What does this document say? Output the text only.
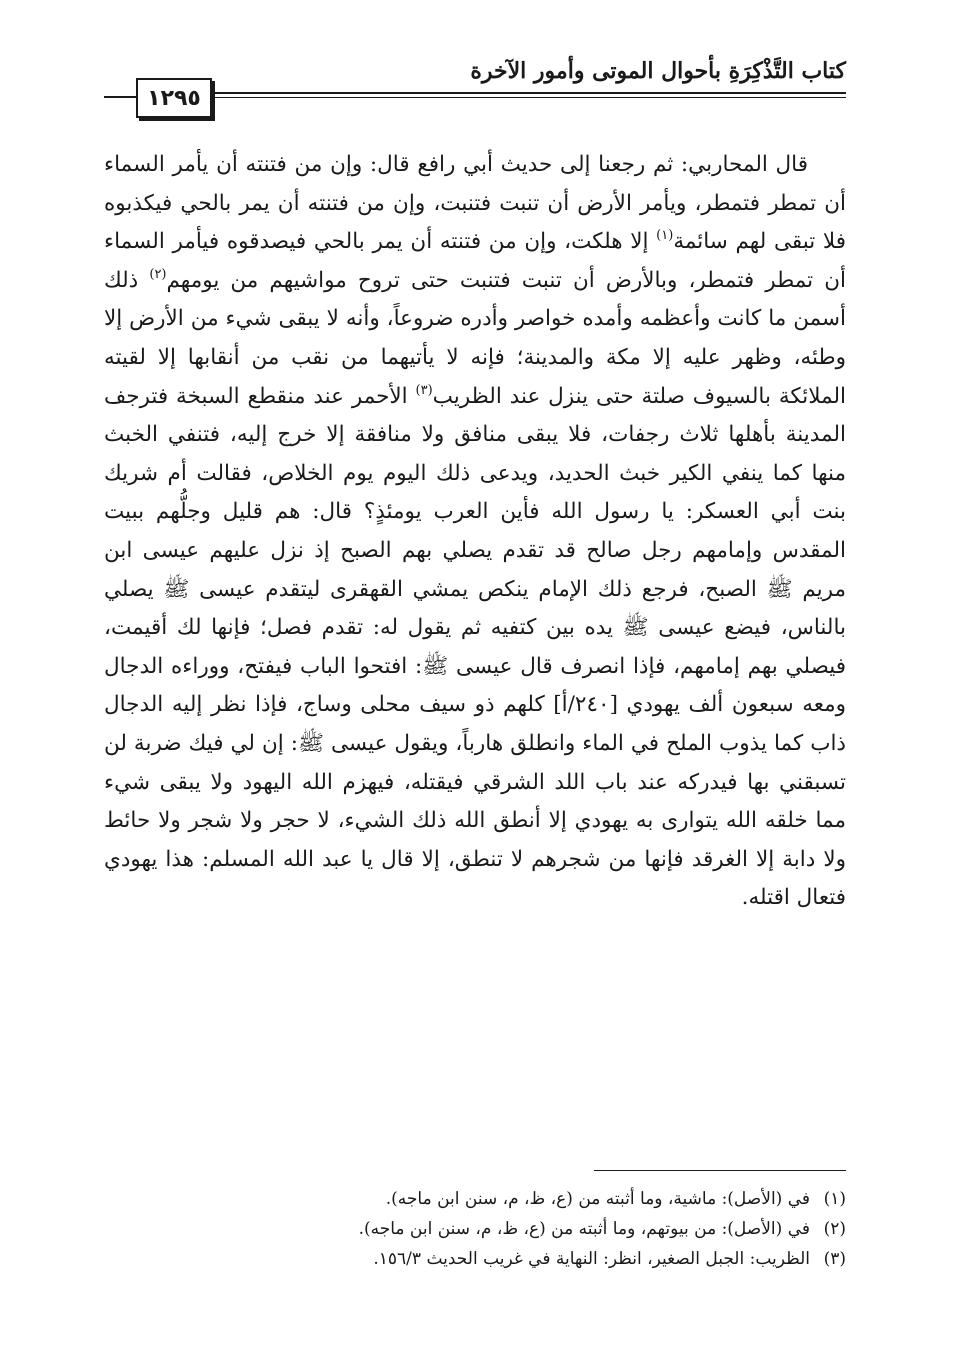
كتاب التَّذْكِرَةِ بأحوال الموتى وأمور الآخرة
١٢٩٥

قال المحاربي: ثم رجعنا إلى حديث أبي رافع قال: وإن من فتنته أن يأمر السماء أن تمطر فتمطر، ويأمر الأرض أن تنبت فتنبت، وإن من فتنته أن يمر بالحي فيكذبوه فلا تبقى لهم سائمة$^{(١)}$ إلا هلكت، وإن من فتنته أن يمر بالحي فيصدقوه فيأمر السماء أن تمطر فتمطر، وبالأرض أن تنبت فتنبت حتى تروح مواشيهم من يومهم$^{(٢)}$ ذلك أسمن ما كانت وأعظمه وأمده خواصر وأدره ضروعاً، وأنه لا يبقى شيء من الأرض إلا وطئه، وظهر عليه إلا مكة والمدينة؛ فإنه لا يأتيهما من نقب من أنقابها إلا لقيته الملائكة بالسيوف صلتة حتى ينزل عند الظريب$^{(٣)}$ الأحمر عند منقطع السبخة فترجف المدينة بأهلها ثلاث رجفات، فلا يبقى منافق ولا منافقة إلا خرج إليه، فتنفي الخبث منها كما ينفي الكير خبث الحديد، ويدعى ذلك اليوم يوم الخلاص، فقالت أم شريك بنت أبي العسكر: يا رسول الله فأين العرب يومئذٍ؟ قال: هم قليل وجلُّهم ببيت المقدس وإمامهم رجل صالح قد تقدم يصلي بهم الصبح إذ نزل عليهم عيسى ابن مريم ﷺ الصبح، فرجع ذلك الإمام ينكص يمشي القهقرى ليتقدم عيسى ﷺ يصلي بالناس، فيضع عيسى ﷺ يده بين كتفيه ثم يقول له: تقدم فصل؛ فإنها لك أقيمت، فيصلي بهم إمامهم، فإذا انصرف قال عيسى ﷺ: افتحوا الباب فيفتح، ووراءه الدجال ومعه سبعون ألف يهودي [٢٤٠/أ] كلهم ذو سيف محلى وساج، فإذا نظر إليه الدجال ذاب كما يذوب الملح في الماء وانطلق هارباً، ويقول عيسى ﷺ: إن لي فيك ضربة لن تسبقني بها فيدركه عند باب اللد الشرقي فيقتله، فيهزم الله اليهود ولا يبقى شيء مما خلقه الله يتوارى به يهودي إلا أنطق الله ذلك الشيء، لا حجر ولا شجر ولا حائط ولا دابة إلا الغرقد فإنها من شجرهم لا تنطق، إلا قال يا عبد الله المسلم: هذا يهودي فتعال اقتله.

(١)
في (الأصل): ماشية، وما أثبته من (ع، ظ، م، سنن ابن ماجه).
(٢)
في (الأصل): من بيوتهم، وما أثبته من (ع، ظ، م، سنن ابن ماجه).
(٣)
الظريب: الجبل الصغير، انظر: النهاية في غريب الحديث ١٥٦/٣.
